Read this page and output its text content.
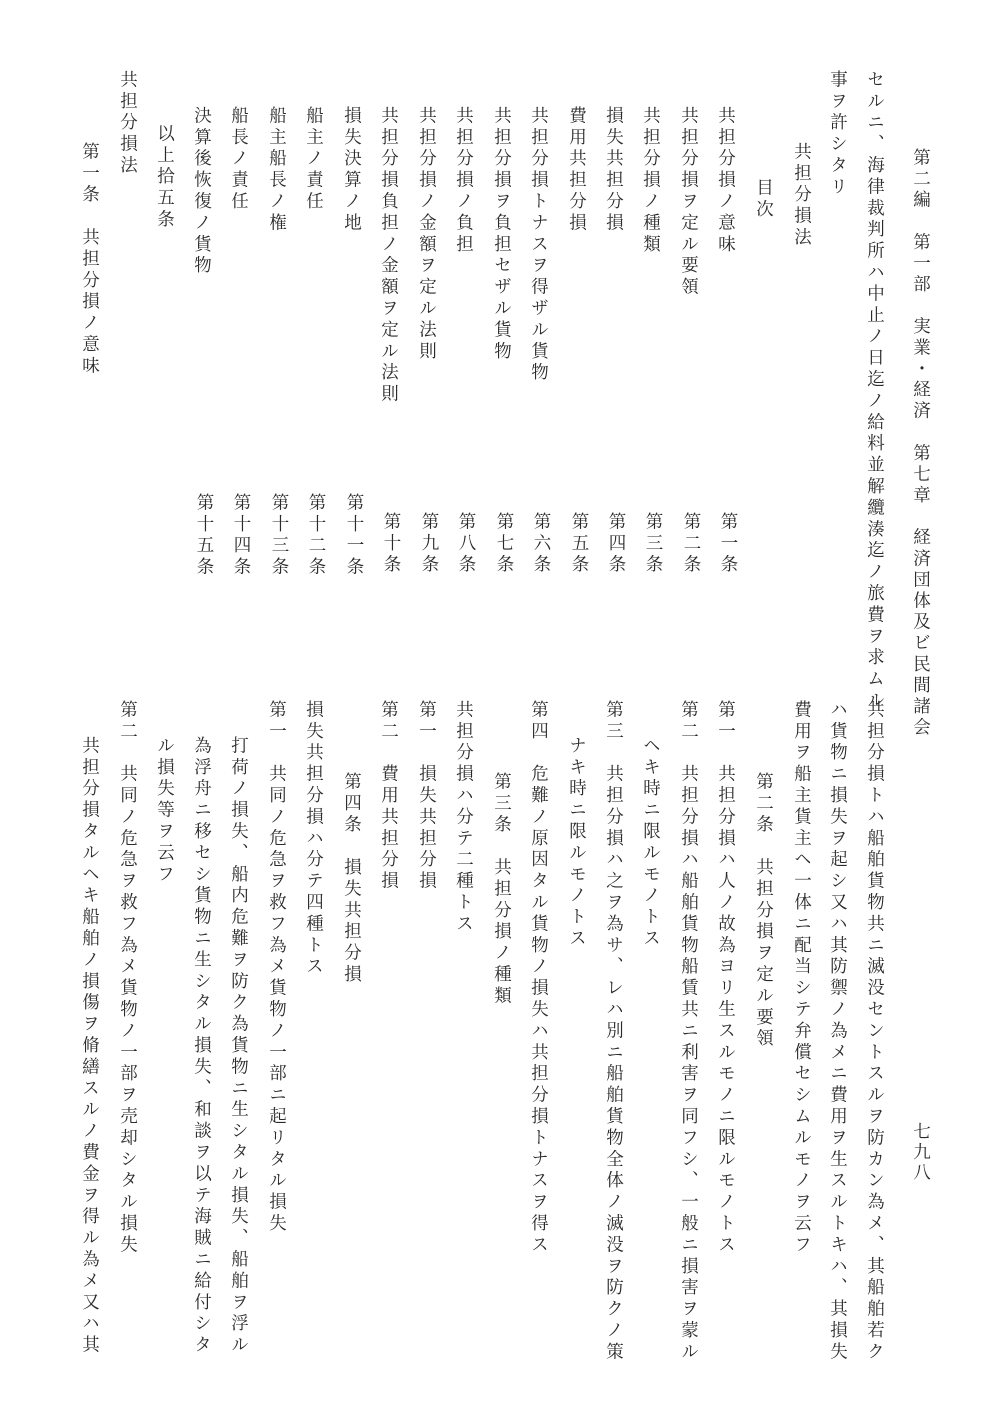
第二編　第一部　実業・経済　第七章　経済団体及ビ民間諸会
七九八
セルニ、海律裁判所ハ中止ノ日迄ノ給料並解纜湊迄ノ旅費ヲ求ムル
事ヲ許シタリ
共担分損法
目次
共担分損ノ意味
第一条
共担分損ヲ定ル要領
第二条
共担分損ノ種類
第三条
損失共担分損
第四条
費用共担分損
第五条
共担分損トナスヲ得ザル貨物
第六条
共担分損ヲ負担セザル貨物
第七条
共担分損ノ負担
第八条
共担分損ノ金額ヲ定ル法則
第九条
共担分損負担ノ金額ヲ定ル法則
第十条
損失決算ノ地
第十一条
船主ノ責任
第十二条
船主船長ノ権
第十三条
船長ノ責任
第十四条
決算後恢復ノ貨物
第十五条
以上拾五条
共担分損法
第一条　共担分損ノ意味
共担分損トハ船舶貨物共ニ滅没セントスルヲ防カン為メ、其船舶若ク
ハ貨物ニ損失ヲ起シ又ハ其防禦ノ為メニ費用ヲ生スルトキハ、其損失
費用ヲ船主貨主ヘ一体ニ配当シテ弁償セシムルモノヲ云フ
第二条　共担分損ヲ定ル要領
第一　共担分損ハ人ノ故為ヨリ生スルモノニ限ルモノトス
第二　共担分損ハ船舶貨物船賃共ニ利害ヲ同フシ、一般ニ損害ヲ蒙ル
ヘキ時ニ限ルモノトス
第三　共担分損ハ之ヲ為サ、レハ別ニ船舶貨物全体ノ滅没ヲ防クノ策
ナキ時ニ限ルモノトス
第四　危難ノ原因タル貨物ノ損失ハ共担分損トナスヲ得ス
第三条　共担分損ノ種類
共担分損ハ分テ二種トス
第一　損失共担分損
第二　費用共担分損
第四条　損失共担分損
損失共担分損ハ分テ四種トス
第一　共同ノ危急ヲ救フ為メ貨物ノ一部ニ起リタル損失
打荷ノ損失、船内危難ヲ防ク為貨物ニ生シタル損失、船舶ヲ浮ル
為浮舟ニ移セシ貨物ニ生シタル損失、和談ヲ以テ海賊ニ給付シタ
ル損失等ヲ云フ
第二　共同ノ危急ヲ救フ為メ貨物ノ一部ヲ売却シタル損失
共担分損タルヘキ船舶ノ損傷ヲ脩繕スルノ費金ヲ得ル為メ又ハ其
